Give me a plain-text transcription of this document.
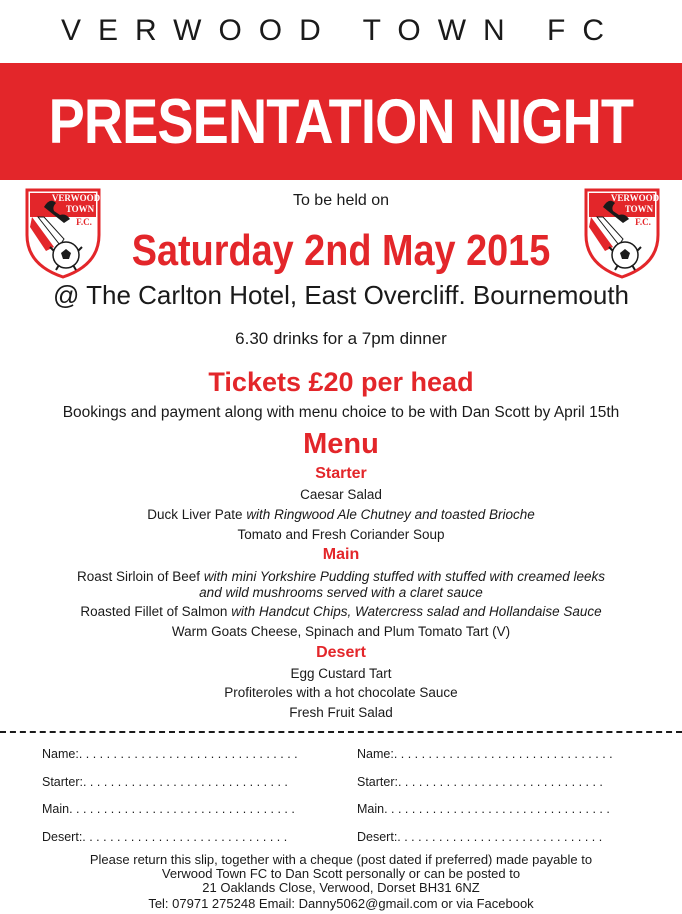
VERWOOD TOWN FC
PRESENTATION NIGHT
VERWOOD
TOWN
F.C.
VERWOOD
TOWN
F.C.
To be held on
Saturday 2nd May 2015
@ The Carlton Hotel, East Overcliff. Bournemouth
6.30 drinks for a 7pm dinner
Tickets £20 per head
Bookings and payment along with menu choice to be with Dan Scott by April 15th
Menu
Starter
Caesar Salad
Duck Liver Pate with Ringwood Ale Chutney and toasted Brioche
Tomato and Fresh Coriander Soup
Main
Roast Sirloin of Beef with mini Yorkshire Pudding stuffed with stuffed with creamed leeks
and wild mushrooms served with a claret sauce
Roasted Fillet of Salmon with Handcut Chips, Watercress salad and Hollandaise Sauce
Warm Goats Cheese, Spinach and Plum Tomato Tart (V)
Desert
Egg Custard Tart
Profiteroles with a hot chocolate Sauce
Fresh Fruit Salad
Name:. . . . . . . . . . . . . . . . . . . . . . . . . . . . . . . .
Starter:. . . . . . . . . . . . . . . . . . . . . . . . . . . . . .
Main. . . . . . . . . . . . . . . . . . . . . . . . . . . . . . . . .
Desert:. . . . . . . . . . . . . . . . . . . . . . . . . . . . . .
Name:. . . . . . . . . . . . . . . . . . . . . . . . . . . . . . . .
Starter:. . . . . . . . . . . . . . . . . . . . . . . . . . . . . .
Main. . . . . . . . . . . . . . . . . . . . . . . . . . . . . . . . .
Desert:. . . . . . . . . . . . . . . . . . . . . . . . . . . . . .
Please return this slip, together with a cheque (post dated if preferred) made payable to
Verwood Town FC to Dan Scott personally or can be posted to
21 Oaklands Close, Verwood, Dorset BH31 6NZ
Tel: 07971 275248 Email: Danny5062@gmail.com or via Facebook
